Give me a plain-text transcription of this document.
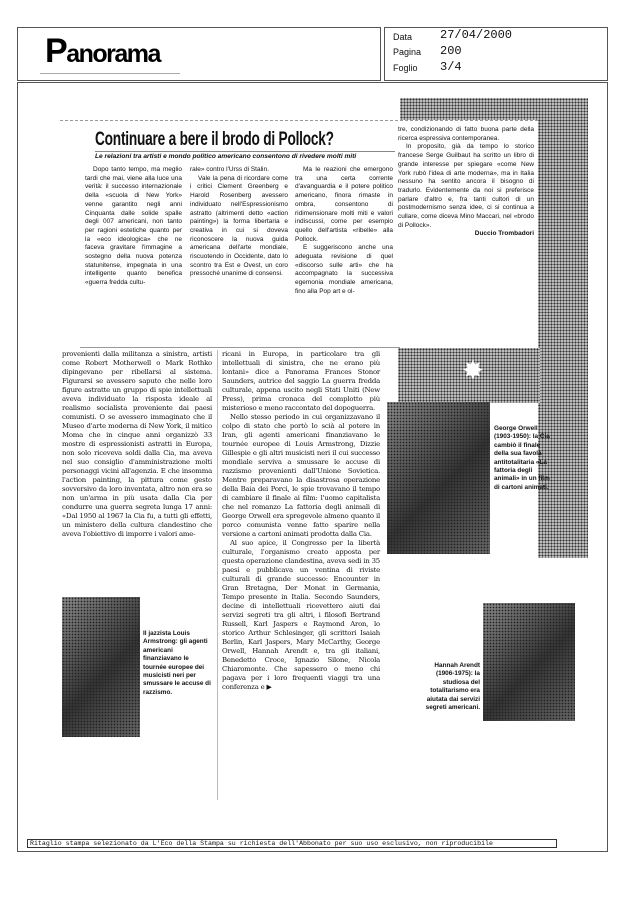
Panorama
Data 27/04/2000
Pagina 200
Foglio 3/4
✸
Continuare a bere il brodo di Pollock?
Le relazioni tra artisti e mondo politico americano consentono di rivedere molti miti

Dopo tanto tempo, ma meglio tardi che mai, viene alla luce una verità: il successo internazionale della «scuola di New York» venne garantito negli anni Cinquanta dalle solide spalle degli 007 americani, non tanto per ragioni estetiche quanto per la «eco ideologica» che ne faceva gravitare l'immagine a sostegno della nuova potenza statunitense, impegnata in una intelligente quanto benefica «guerra fredda cultu-

rale» contro l'Urss di Stalin.

Vale la pena di ricordare come i critici Clement Greenberg e Harold Rosenberg avessero individuato nell'Espressionismo astratto (altrimenti detto «action painting») la forma libertaria e creativa in cui si doveva riconoscere la nuova guida americana dell'arte mondiale, riscuotendo in Occidente, dato lo scontro tra Est e Ovest, un coro pressoché unanime di consensi.

Ma le reazioni che emergono tra una certa corrente d'avanguardia e il potere politico americano, finora rimaste in ombra, consentono di ridimensionare molti miti e valori indiscussi, come per esempio quello dell'artista «ribelle» alla Pollock.

E suggeriscono anche una adeguata revisione di quel «discorso sulle arti» che ha accompagnato la successiva egemonia mondiale americana, fino alla Pop art e ol-

tre, condizionando di fatto buona parte della ricerca espressiva contemporanea.

In proposito, già da tempo lo storico francese Serge Guilbaut ha scritto un libro di grande interesse per spiegare «come New York rubò l'idea di arte moderna», ma in Italia nessuno ha sentito ancora il bisogno di tradurlo. Evidentemente da noi si preferisce parlare d'altro e, fra tanti cultori di un postmodernismo senza idee, ci si continua a cullare, come diceva Mino Maccari, nel «brodo di Pollock».

Duccio Trombadori

provenienti dalla militanza a sinistra, artisti come Robert Motherwell o Mark Rothko dipingevano per ribellarsi al sistema. Figurarsi se avessero saputo che nelle loro figure astratte un gruppo di spie intellettuali aveva individuato la risposta ideale al realismo socialista proveniente dai paesi comunisti. O se avessero immaginato che il Museo d'arte moderna di New York, il mitico Moma che in cinque anni organizzò 33 mostre di espressionisti astratti in Europa, non solo riceveva soldi dalla Cia, ma aveva nel suo consiglio d'amministrazione molti personaggi vicini all'agenzia. E che insomma l'action painting, la pittura come gesto sovversivo da loro inventata, altro non era se non un'arma in più usata dalla Cia per condurre una guerra segreta lunga 17 anni: «Dal 1950 al 1967 la Cia fu, a tutti gli effetti, un ministero della cultura clandestino che aveva l'obiettivo di imporre i valori ame-

ricani in Europa, in particolare tra gli intellettuali di sinistra, che ne erano più lontani» dice a Panorama Frances Stonor Saunders, autrice del saggio La guerra fredda culturale, appena uscito negli Stati Uniti (New Press), prima cronaca del complotto più misterioso e meno raccontato del dopoguerra.

Nello stesso periodo in cui organizzavano il colpo di stato che portò lo scià al potere in Iran, gli agenti americani finanziavano le tournée europee di Louis Armstrong, Dizzie Gillespie e gli altri musicisti neri il cui successo mondiale serviva a smussare le accuse di razzismo provenienti dall'Unione Sovietica. Mentre preparavano la disastrosa operazione della Baia dei Porci, le spie trovavano il tempo di cambiare il finale ai film: l'uomo capitalista che nel romanzo La fattoria degli animali di George Orwell era spregevole almeno quanto il porco comunista venne fatto sparire nella versione a cartoni animati prodotta dalla Cia.

Al suo apice, il Congresso per la libertà culturale, l'organismo creato apposta per questa operazione clandestina, aveva sedi in 35 paesi e pubblicava un ventina di riviste culturali di grande successo: Encounter in Gran Bretagna, Der Monat in Germania, Tempo presente in Italia. Secondo Saunders, decine di intellettuali ricevettero aiuti dai servizi segreti tra gli altri, i filosofi Bertrand Russell, Karl Jaspers e Raymond Aron, lo storico Arthur Schlesinger, gli scrittori Isaiah Berlin, Karl Jaspers, Mary McCarthy, George Orwell, Hannah Arendt e, tra gli italiani, Benedetto Croce, Ignazio Silone, Nicola Chiaromonte. Che sapessero o meno chi pagava per i loro frequenti viaggi tra una conferenza e ▶

George Orwell (1903-1950): la Cia cambiò il finale della sua favola antitotalitaria «La fattoria degli animali» in un film di cartoni animati.
Il jazzista Louis Armstrong: gli agenti americani finanziavano le tournée europee dei musicisti neri per smussare le accuse di razzismo.
Hannah Arendt (1906-1975): la studiosa del totalitarismo era aiutata dai servizi segreti americani.
Ritaglio stampa selezionato da L'Eco della Stampa su richiesta dell'Abbonato per suo uso esclusivo, non riproducibile
